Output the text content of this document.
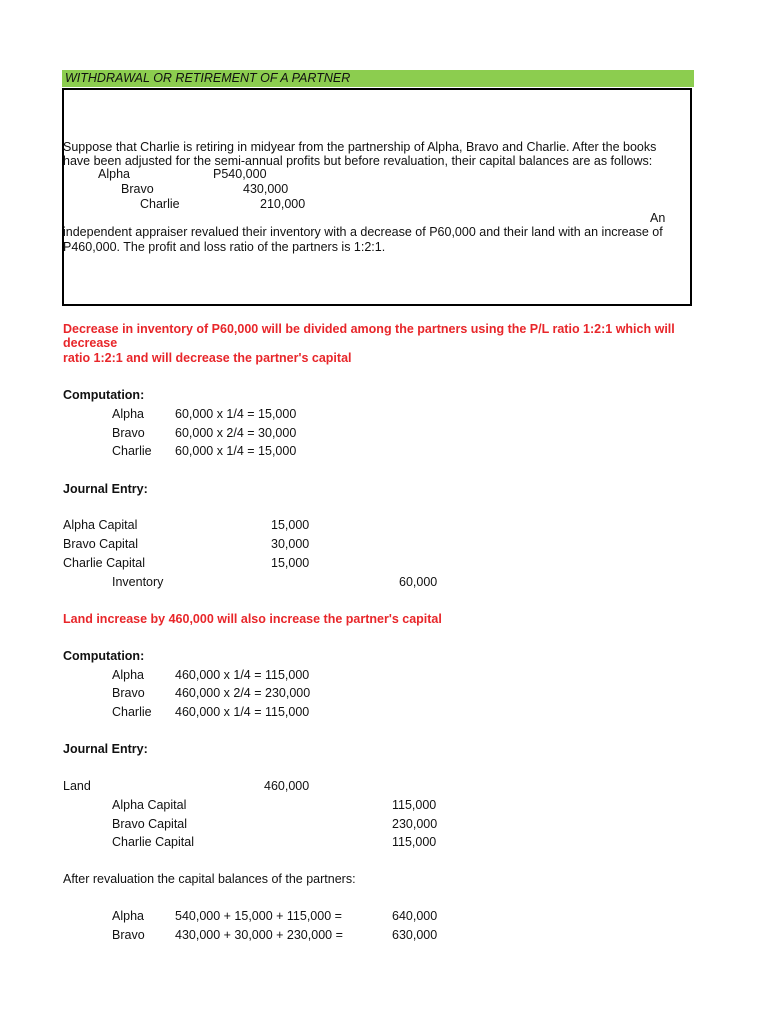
WITHDRAWAL OR RETIREMENT OF A PARTNER
Suppose that Charlie is retiring in midyear from the partnership of Alpha, Bravo and Charlie. After the books
have been adjusted for the semi-annual profits but before revaluation, their capital balances are as follows:
Alpha	P540,000
Bravo	430,000
Charlie	210,000
An
independent appraiser revalued their inventory with a decrease of P60,000 and their land with an increase of
P460,000. The profit and loss ratio of the partners is 1:2:1.
Decrease in inventory of P60,000 will be divided among the partners using the P/L ratio 1:2:1 which will
decrease
ratio 1:2:1 and will decrease the partner's capital
Computation:
Alpha 60,000 x 1/4 = 15,000
Bravo 60,000 x 2/4 = 30,000
Charlie 60,000 x 1/4 = 15,000
Journal Entry:
Alpha Capital	15,000
Bravo Capital	30,000
Charlie Capital	15,000
Inventory	60,000
Land increase by 460,000 will also increase the partner's capital
Computation:
Alpha 460,000 x 1/4 = 115,000
Bravo 460,000 x 2/4 = 230,000
Charlie 460,000 x 1/4 = 115,000
Journal Entry:
Land	460,000
Alpha Capital	115,000
Bravo Capital	230,000
Charlie Capital	115,000
After revaluation the capital balances of the partners:
Alpha 540,000 + 15,000 + 115,000 =	640,000
Bravo 430,000 + 30,000 + 230,000 =	630,000
